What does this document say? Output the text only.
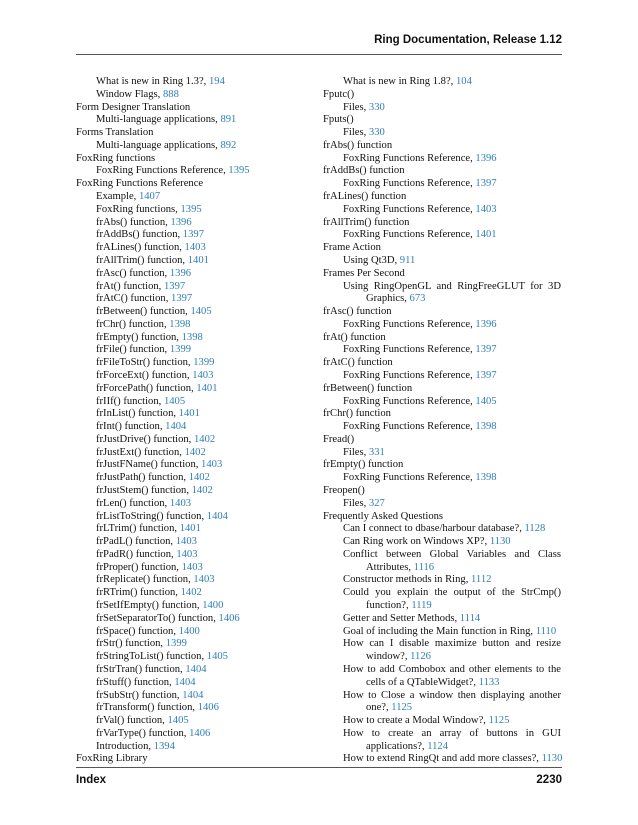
Ring Documentation, Release 1.12
What is new in Ring 1.3?, 194
Window Flags, 888
Form Designer Translation
Multi-language applications, 891
Forms Translation
Multi-language applications, 892
FoxRing functions
FoxRing Functions Reference, 1395
FoxRing Functions Reference
Example, 1407
FoxRing functions, 1395
frAbs() function, 1396
frAddBs() function, 1397
frALines() function, 1403
frAllTrim() function, 1401
frAsc() function, 1396
frAt() function, 1397
frAtC() function, 1397
frBetween() function, 1405
frChr() function, 1398
frEmpty() function, 1398
frFile() function, 1399
frFileToStr() function, 1399
frForceExt() function, 1403
frForcePath() function, 1401
frIIf() function, 1405
frInList() function, 1401
frInt() function, 1404
frJustDrive() function, 1402
frJustExt() function, 1402
frJustFName() function, 1403
frJustPath() function, 1402
frJustStem() function, 1402
frLen() function, 1403
frListToString() function, 1404
frLTrim() function, 1401
frPadL() function, 1403
frPadR() function, 1403
frProper() function, 1403
frReplicate() function, 1403
frRTrim() function, 1402
frSetIfEmpty() function, 1400
frSetSeparatorTo() function, 1406
frSpace() function, 1400
frStr() function, 1399
frStringToList() function, 1405
frStrTran() function, 1404
frStuff() function, 1404
frSubStr() function, 1404
frTransform() function, 1406
frVal() function, 1405
frVarType() function, 1406
Introduction, 1394
FoxRing Library
What is new in Ring 1.8?, 104
Fputc()
Files, 330
Fputs()
Files, 330
frAbs() function
FoxRing Functions Reference, 1396
frAddBs() function
FoxRing Functions Reference, 1397
frALines() function
FoxRing Functions Reference, 1403
frAllTrim() function
FoxRing Functions Reference, 1401
Frame Action
Using Qt3D, 911
Frames Per Second
Using RingOpenGL and RingFreeGLUT for 3D Graphics, 673
frAsc() function
FoxRing Functions Reference, 1396
frAt() function
FoxRing Functions Reference, 1397
frAtC() function
FoxRing Functions Reference, 1397
frBetween() function
FoxRing Functions Reference, 1405
frChr() function
FoxRing Functions Reference, 1398
Fread()
Files, 331
frEmpty() function
FoxRing Functions Reference, 1398
Freopen()
Files, 327
Frequently Asked Questions
Can I connect to dbase/harbour database?, 1128
Can Ring work on Windows XP?, 1130
Conflict between Global Variables and Class Attributes, 1116
Constructor methods in Ring, 1112
Could you explain the output of the StrCmp() function?, 1119
Getter and Setter Methods, 1114
Goal of including the Main function in Ring, 1110
How can I disable maximize button and resize window?, 1126
How to add Combobox and other elements to the cells of a QTableWidget?, 1133
How to Close a window then displaying another one?, 1125
How to create a Modal Window?, 1125
How to create an array of buttons in GUI applications?, 1124
How to extend RingQt and add more classes?, 1130
Index	2230
